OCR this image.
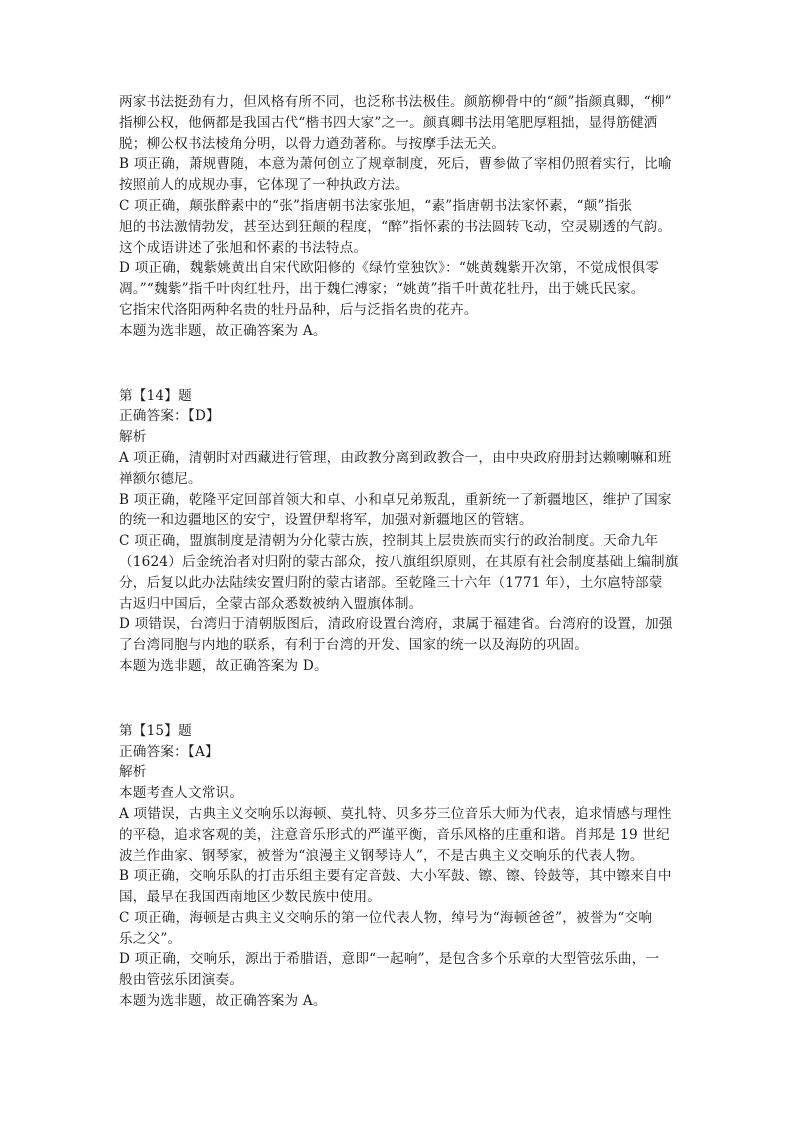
两家书法挺劲有力，但风格有所不同，也泛称书法极佳。颜筋柳骨中的“颜”指颜真卿，“柳”
指柳公权，他俩都是我国古代“楷书四大家”之一。颜真卿书法用笔肥厚粗拙，显得筋健洒
脱；柳公权书法棱角分明，以骨力遒劲著称。与按摩手法无关。
B 项正确，萧规曹随，本意为萧何创立了规章制度，死后，曹参做了宰相仍照着实行，比喻
按照前人的成规办事，它体现了一种执政方法。
C 项正确，颠张醉素中的“张”指唐朝书法家张旭，“素”指唐朝书法家怀素，“颠”指张
旭的书法激情勃发，甚至达到狂颠的程度，“醉”指怀素的书法圆转飞动，空灵剔透的气韵。
这个成语讲述了张旭和怀素的书法特点。
D 项正确，魏紫姚黄出自宋代欧阳修的《绿竹堂独饮》：“姚黄魏紫开次第，不觉成恨俱零
凋。”“魏紫”指千叶肉红牡丹，出于魏仁溥家；“姚黄”指千叶黄花牡丹，出于姚氏民家。
它指宋代洛阳两种名贵的牡丹品种，后与泛指名贵的花卉。
本题为选非题，故正确答案为 A。
第【14】题
正确答案：【D】
解析
A 项正确，清朝时对西藏进行管理，由政教分离到政教合一，由中央政府册封达赖喇嘛和班
禅额尔德尼。
B 项正确，乾隆平定回部首领大和卓、小和卓兄弟叛乱，重新统一了新疆地区，维护了国家
的统一和边疆地区的安宁，设置伊犁将军，加强对新疆地区的管辖。
C 项正确，盟旗制度是清朝为分化蒙古族，控制其上层贵族而实行的政治制度。天命九年
（1624）后金统治者对归附的蒙古部众，按八旗组织原则，在其原有社会制度基础上编制旗
分，后复以此办法陆续安置归附的蒙古诸部。至乾隆三十六年（1771 年），土尔扈特部蒙
古返归中国后，全蒙古部众悉数被纳入盟旗体制。
D 项错误，台湾归于清朝版图后，清政府设置台湾府，隶属于福建省。台湾府的设置，加强
了台湾同胞与内地的联系，有利于台湾的开发、国家的统一以及海防的巩固。
本题为选非题，故正确答案为 D。
第【15】题
正确答案：【A】
解析
本题考查人文常识。
A 项错误，古典主义交响乐以海顿、莫扎特、贝多芬三位音乐大师为代表，追求情感与理性
的平稳，追求客观的美，注意音乐形式的严谨平衡，音乐风格的庄重和谐。肖邦是 19 世纪
波兰作曲家、钢琴家，被誉为“浪漫主义钢琴诗人”，不是古典主义交响乐的代表人物。
B 项正确，交响乐队的打击乐组主要有定音鼓、大小军鼓、镲、镲、铃鼓等，其中镲来自中
国，最早在我国西南地区少数民族中使用。
C 项正确，海顿是古典主义交响乐的第一位代表人物，绰号为“海顿爸爸”，被誉为“交响
乐之父”。
D 项正确，交响乐，源出于希腊语，意即“一起响”，是包含多个乐章的大型管弦乐曲，一
般由管弦乐团演奏。
本题为选非题，故正确答案为 A。
